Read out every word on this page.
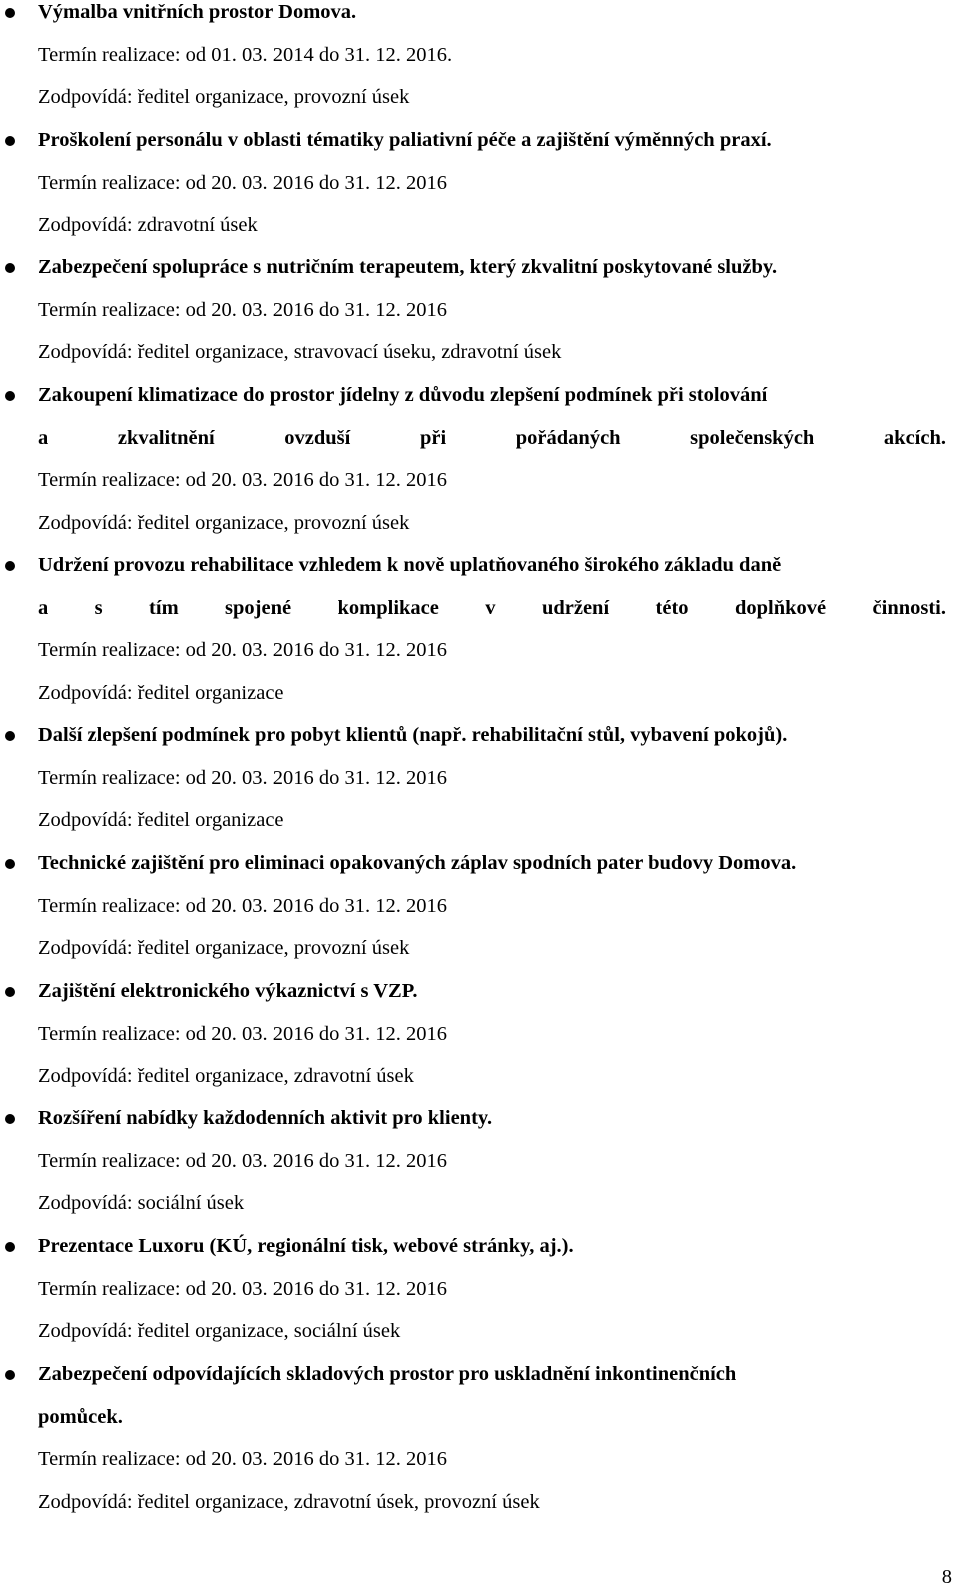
Výmalba vnitřních prostor Domova.
Termín realizace: od 01. 03. 2014 do 31. 12. 2016.
Zodpovídá: ředitel organizace, provozní úsek
Proškolení personálu v oblasti tématiky paliativní péče a zajištění výměnných praxí.
Termín realizace: od 20. 03. 2016 do 31. 12. 2016
Zodpovídá: zdravotní úsek
Zabezpečení spolupráce s nutričním terapeutem, který zkvalitní poskytované služby.
Termín realizace: od 20. 03. 2016 do 31. 12. 2016
Zodpovídá: ředitel organizace, stravovací úseku, zdravotní úsek
Zakoupení klimatizace do prostor jídelny z důvodu zlepšení podmínek při stolování
a zkvalitnění ovzduší při pořádaných společenských akcích.
Termín realizace: od 20. 03. 2016 do 31. 12. 2016
Zodpovídá: ředitel organizace, provozní úsek
Udržení provozu rehabilitace vzhledem k nově uplatňovaného širokého základu daně
a s tím spojené komplikace v udržení této doplňkové činnosti.
Termín realizace: od 20. 03. 2016 do 31. 12. 2016
Zodpovídá: ředitel organizace
Další zlepšení podmínek pro pobyt klientů (např. rehabilitační stůl, vybavení pokojů).
Termín realizace: od 20. 03. 2016 do 31. 12. 2016
Zodpovídá: ředitel organizace
Technické zajištění pro eliminaci opakovaných záplav spodních pater budovy Domova.
Termín realizace: od 20. 03. 2016 do 31. 12. 2016
Zodpovídá: ředitel organizace, provozní úsek
Zajištění elektronického výkaznictví s VZP.
Termín realizace: od 20. 03. 2016 do 31. 12. 2016
Zodpovídá: ředitel organizace, zdravotní úsek
Rozšíření nabídky každodenních aktivit pro klienty.
Termín realizace: od 20. 03. 2016 do 31. 12. 2016
Zodpovídá: sociální úsek
Prezentace Luxoru (KÚ, regionální tisk, webové stránky, aj.).
Termín realizace: od 20. 03. 2016 do 31. 12. 2016
Zodpovídá: ředitel organizace, sociální úsek
Zabezpečení odpovídajících skladových prostor pro uskladnění inkontinenčních
pomůcek.
Termín realizace: od 20. 03. 2016 do 31. 12. 2016
Zodpovídá: ředitel organizace, zdravotní úsek, provozní úsek
8
